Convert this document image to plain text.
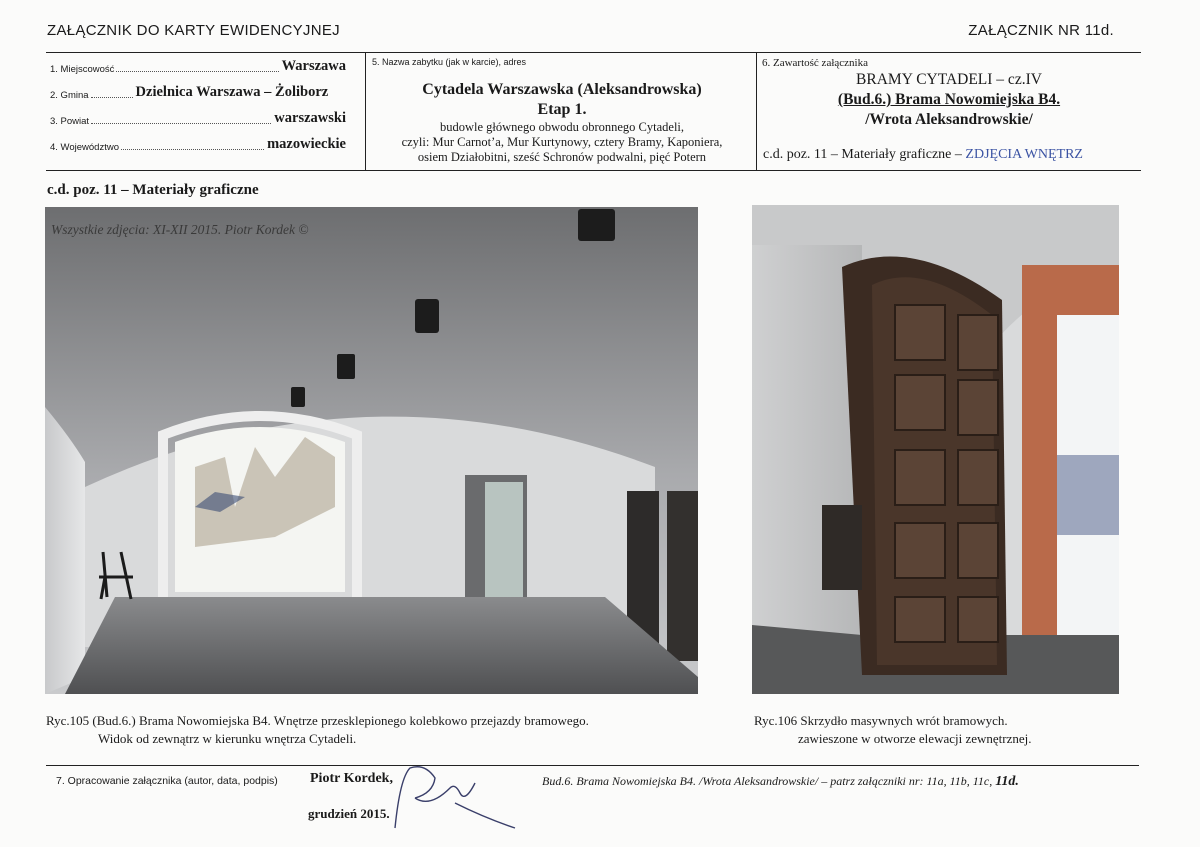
ZAŁĄCZNIK DO KARTY EWIDENCYJNEJ	ZAŁĄCZNIK NR 11d.
1. Miejscowość	Warszawa
2. Gmina	Dzielnica Warszawa – Żoliborz
3. Powiat	warszawski
4. Województwo	mazowieckie
5. Nazwa zabytku (jak w karcie), adres
Cytadela Warszawska (Aleksandrowska)
Etap 1.
budowle głównego obwodu obronnego Cytadeli,
czyli: Mur Carnot’a, Mur Kurtynowy, cztery Bramy, Kaponiera,
osiem Działobitni, sześć Schronów podwalni, pięć Potern
6. Zawartość załącznika
BRAMY CYTADELI – cz.IV
(Bud.6.) Brama Nowomiejska B4.
/Wrota Aleksandrowskie/
c.d. poz. 11 – Materiały graficzne – ZDJĘCIA WNĘTRZ
c.d. poz. 11 – Materiały graficzne
Wszystkie zdjęcia: XI-XII 2015. Piotr Kordek ©
Ryc.105 (Bud.6.) Brama Nowomiejska B4. Wnętrze przesklepionego kolebkowo przejazdy bramowego.
Widok od zewnątrz w kierunku wnętrza Cytadeli.
Ryc.106 Skrzydło masywnych wrót bramowych.
zawieszone w otworze elewacji zewnętrznej.
7. Opracowanie załącznika (autor, data, podpis) Piotr Kordek,
grudzień 2015.
Bud.6. Brama Nowomiejska B4. /Wrota Aleksandrowskie/ – patrz załączniki nr: 11a, 11b, 11c, 11d.
